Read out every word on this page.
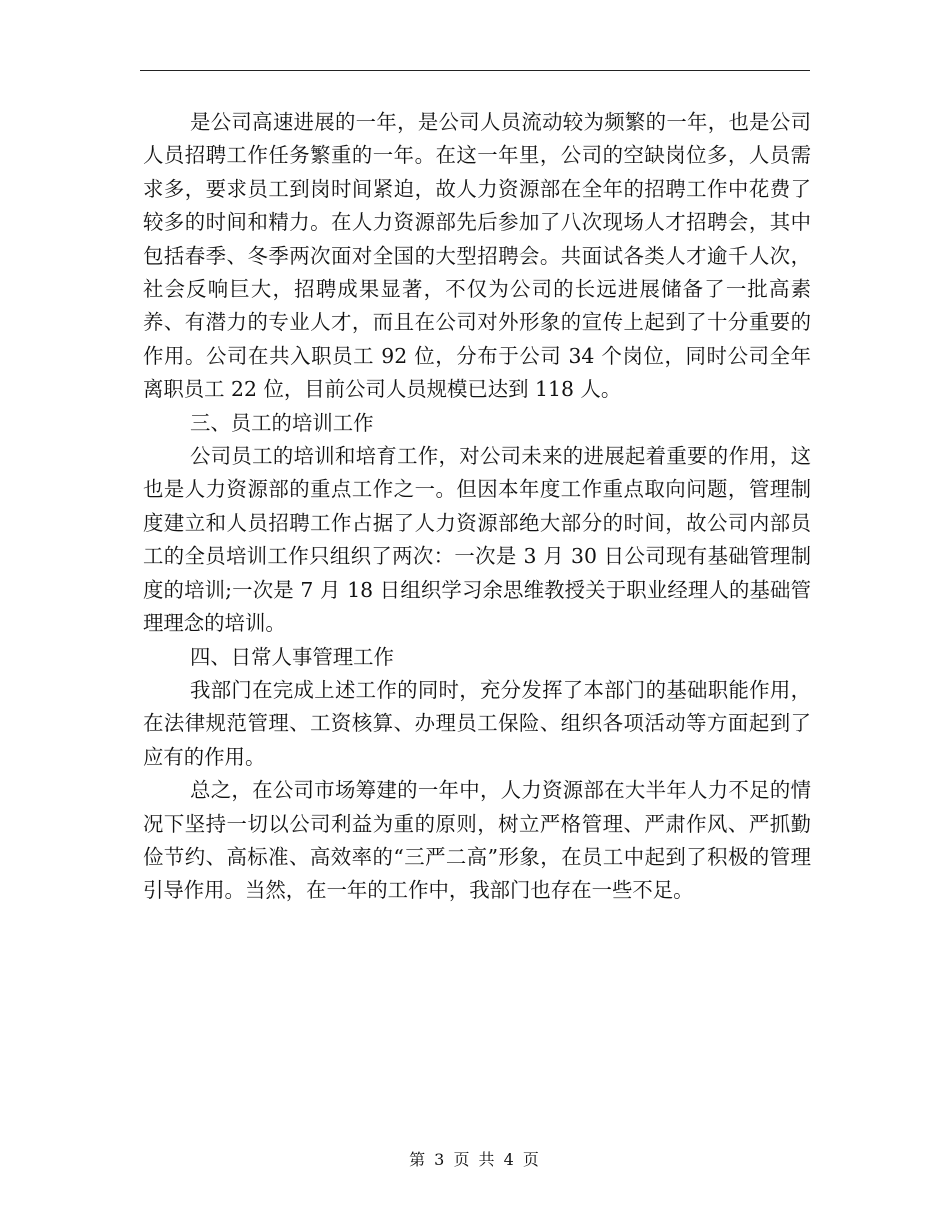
是公司高速进展的一年，是公司人员流动较为频繁的一年，也是公司人员招聘工作任务繁重的一年。在这一年里，公司的空缺岗位多，人员需求多，要求员工到岗时间紧迫，故人力资源部在全年的招聘工作中花费了较多的时间和精力。在人力资源部先后参加了八次现场人才招聘会，其中包括春季、冬季两次面对全国的大型招聘会。共面试各类人才逾千人次，社会反响巨大，招聘成果显著，不仅为公司的长远进展储备了一批高素养、有潜力的专业人才，而且在公司对外形象的宣传上起到了十分重要的作用。公司在共入职员工 92 位，分布于公司 34 个岗位，同时公司全年离职员工 22 位，目前公司人员规模已达到 118 人。

三、员工的培训工作

公司员工的培训和培育工作，对公司未来的进展起着重要的作用，这也是人力资源部的重点工作之一。但因本年度工作重点取向问题，管理制度建立和人员招聘工作占据了人力资源部绝大部分的时间，故公司内部员工的全员培训工作只组织了两次：一次是 3 月 30 日公司现有基础管理制度的培训;一次是 7 月 18 日组织学习余思维教授关于职业经理人的基础管理理念的培训。

四、日常人事管理工作

我部门在完成上述工作的同时，充分发挥了本部门的基础职能作用，在法律规范管理、工资核算、办理员工保险、组织各项活动等方面起到了应有的作用。

总之，在公司市场筹建的一年中，人力资源部在大半年人力不足的情况下坚持一切以公司利益为重的原则，树立严格管理、严肃作风、严抓勤俭节约、高标准、高效率的“三严二高”形象，在员工中起到了积极的管理引导作用。当然，在一年的工作中，我部门也存在一些不足。

第 3 页 共 4 页
